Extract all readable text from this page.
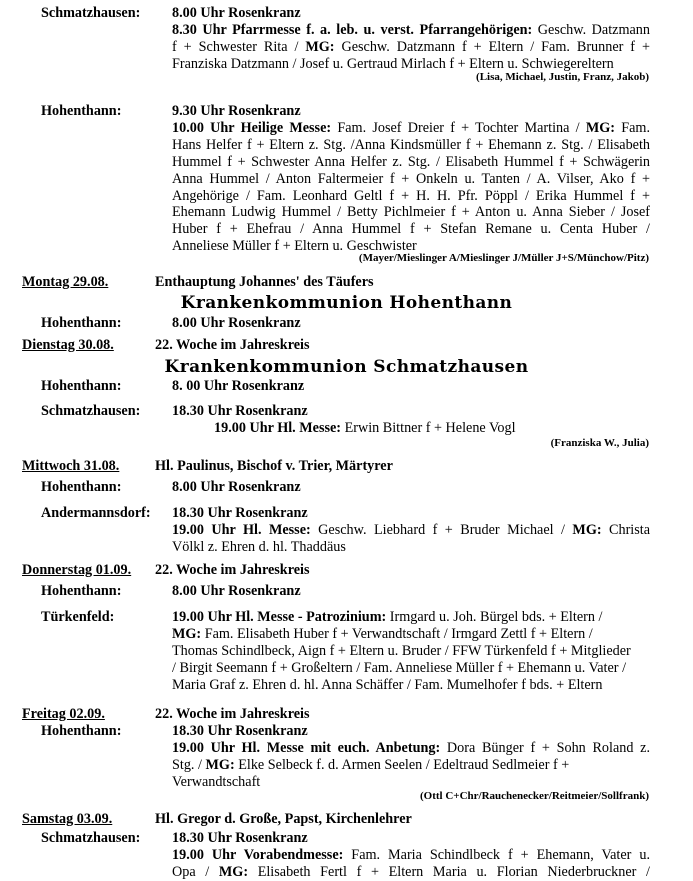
Schmatzhausen: 8.00 Uhr Rosenkranz
8.30 Uhr Pfarrmesse f. a. leb. u. verst. Pfarrangehörigen: Geschw. Datzmann
f + Schwester Rita / MG: Geschw. Datzmann f + Eltern / Fam. Brunner f +
Franziska Datzmann / Josef u. Gertraud Mirlach f + Eltern u. Schwiegereltern
(Lisa, Michael, Justin, Franz, Jakob)
Hohenthann:	9.30 Uhr Rosenkranz
10.00 Uhr Heilige Messe: Fam. Josef Dreier f + Tochter Martina / MG: Fam.
Hans Helfer f + Eltern z. Stg. /Anna Kindsmüller f + Ehemann z. Stg. / Elisabeth
Hummel f + Schwester Anna Helfer z. Stg. / Elisabeth Hummel f + Schwägerin
Anna Hummel / Anton Faltermeier f + Onkeln u. Tanten / A. Vilser, Ako f +
Angehörige / Fam. Leonhard Geltl f + H. H. Pfr. Pöppl / Erika Hummel f +
Ehemann Ludwig Hummel / Betty Pichlmeier f + Anton u. Anna Sieber / Josef
Huber f + Ehefrau / Anna Hummel f + Stefan Remane u. Centa Huber /
Anneliese Müller f + Eltern u. Geschwister
(Mayer/Mieslinger A/Mieslinger J/Müller J+S/Münchow/Pitz)
Montag 29.08.	Enthauptung Johannes' des Täufers
Krankenkommunion Hohenthann
Hohenthann:	8.00 Uhr Rosenkranz
Dienstag 30.08.	22. Woche im Jahreskreis
Krankenkommunion Schmatzhausen
Hohenthann:	8. 00 Uhr Rosenkranz
Schmatzhausen: 18.30 Uhr Rosenkranz
19.00 Uhr Hl. Messe: Erwin Bittner f + Helene Vogl
(Franziska W., Julia)
Mittwoch 31.08.	Hl. Paulinus, Bischof v. Trier, Märtyrer
Hohenthann:	8.00 Uhr Rosenkranz
Andermannsdorf: 18.30 Uhr Rosenkranz
19.00 Uhr Hl. Messe: Geschw. Liebhard f + Bruder Michael / MG: Christa
Völkl z. Ehren d. hl. Thaddäus
Donnerstag 01.09. 22. Woche im Jahreskreis
Hohenthann:	8.00 Uhr Rosenkranz
Türkenfeld:	19.00 Uhr Hl. Messe - Patrozinium: Irmgard u. Joh. Bürgel bds. + Eltern /
MG: Fam. Elisabeth Huber f + Verwandtschaft / Irmgard Zettl f + Eltern /
Thomas Schindlbeck, Aign f + Eltern u. Bruder / FFW Türkenfeld f + Mitglieder
/ Birgit Seemann f + Großeltern / Fam. Anneliese Müller f + Ehemann u. Vater /
Maria Graf z. Ehren d. hl. Anna Schäffer / Fam. Mumelhofer f bds. + Eltern
Freitag 02.09.	22. Woche im Jahreskreis
Hohenthann:	18.30 Uhr Rosenkranz
19.00 Uhr Hl. Messe mit euch. Anbetung: Dora Bünger f + Sohn Roland z.
Stg. / MG: Elke Selbeck f. d. Armen Seelen / Edeltraud Sedlmeier f +
Verwandtschaft
(Ottl C+Chr/Rauchenecker/Reitmeier/Sollfrank)
Samstag 03.09.	Hl. Gregor d. Große, Papst, Kirchenlehrer
Schmatzhausen: 18.30 Uhr Rosenkranz
19.00 Uhr Vorabendmesse: Fam. Maria Schindlbeck f + Ehemann, Vater u.
Opa / MG: Elisabeth Fertl f + Eltern Maria u. Florian Niederbruckner /
